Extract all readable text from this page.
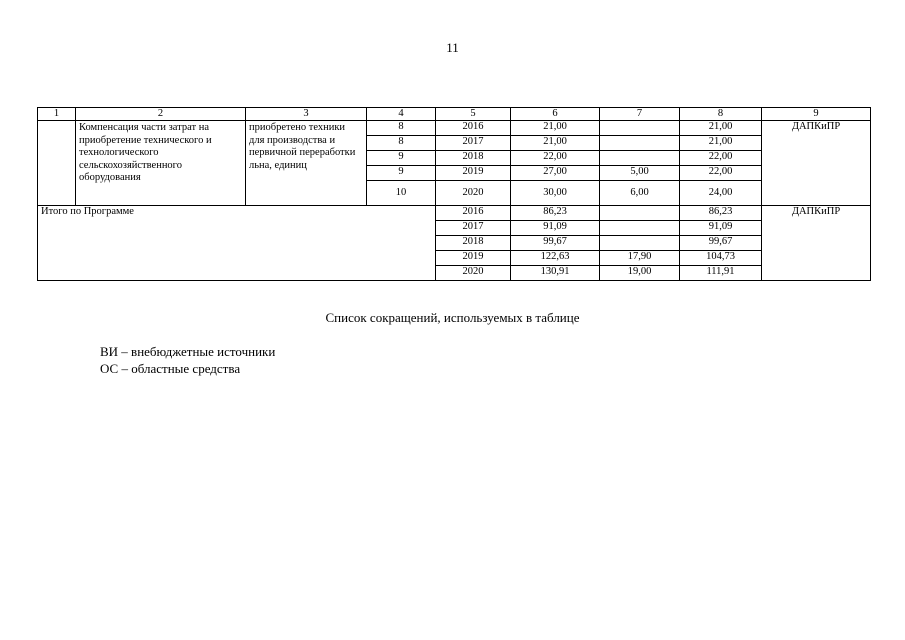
11
1	2	3	4	5	6	7	8	9
	Компенсация части затрат на приобретение технического и технологического сельскохозяйственного оборудования	приобретено техники для производства и первичной переработки льна, единиц	8	2016	21,00		21,00	ДАПКиПР
			8	2017	21,00		21,00	
			9	2018	22,00		22,00	
			9	2019	27,00	5,00	22,00	
			10	2020	30,00	6,00	24,00	
Итого по Программе				2016	86,23		86,23	ДАПКиПР
				2017	91,09		91,09	
				2018	99,67		99,67	
				2019	122,63	17,90	104,73	
				2020	130,91	19,00	111,91	
Список сокращений, используемых в таблице
ВИ – внебюджетные источники
ОС – областные средства
